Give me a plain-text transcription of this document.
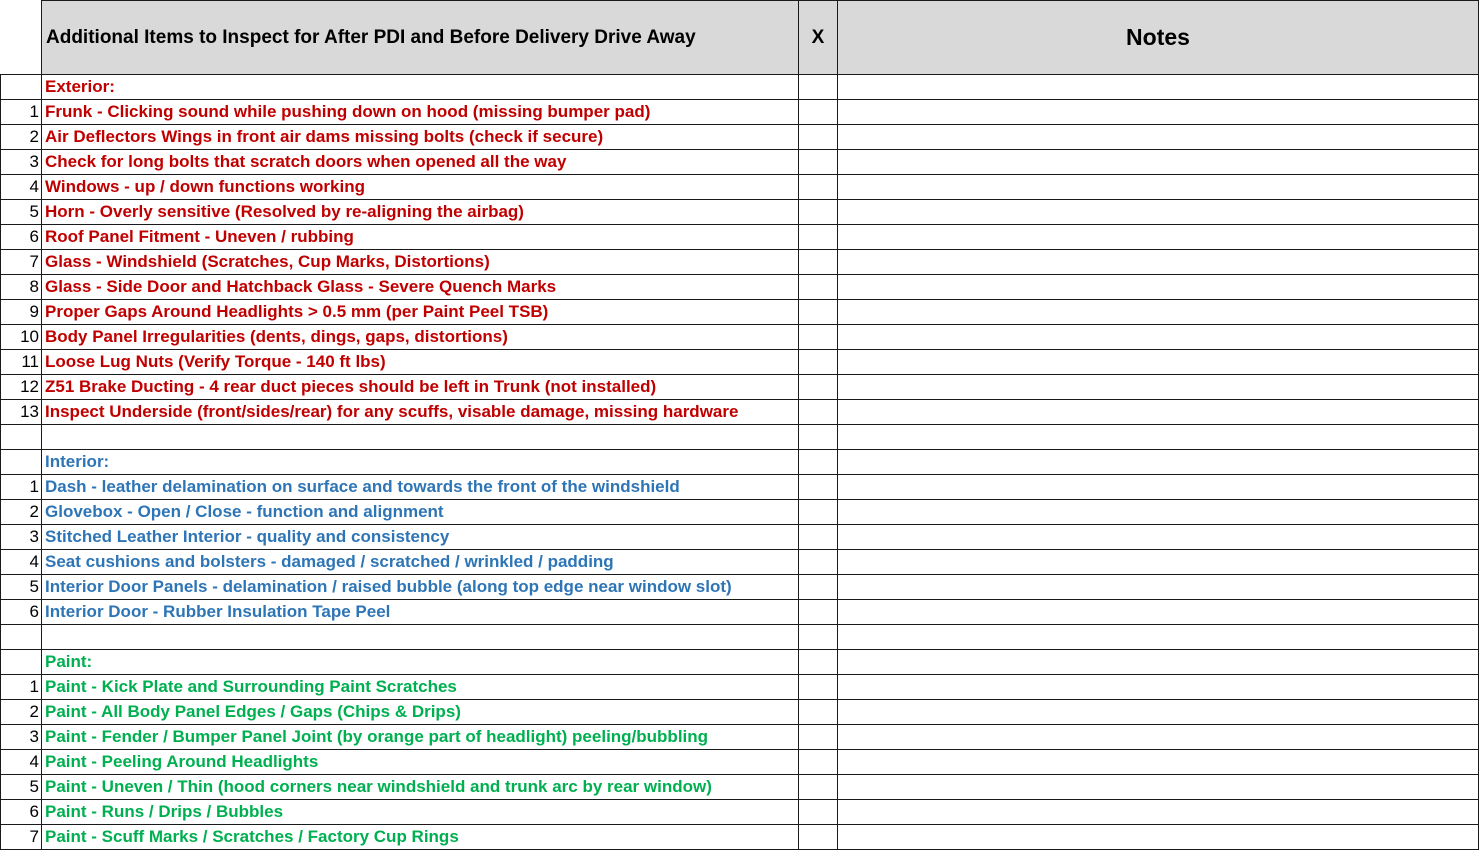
	Additional Items to Inspect for After PDI and Before Delivery Drive Away	X	Notes
	Exterior:		
1	Frunk - Clicking sound while pushing down on hood (missing bumper pad)		
2	Air Deflectors Wings in front air dams missing bolts (check if secure)		
3	Check for long bolts that scratch doors when opened all the way		
4	Windows - up / down functions working		
5	Horn - Overly sensitive (Resolved by re-aligning the airbag)		
6	Roof Panel Fitment - Uneven / rubbing		
7	Glass - Windshield (Scratches, Cup Marks, Distortions)		
8	Glass - Side Door and Hatchback Glass - Severe Quench Marks		
9	Proper Gaps Around Headlights > 0.5 mm (per Paint Peel TSB)		
10	Body Panel Irregularities (dents, dings, gaps, distortions)		
11	Loose Lug Nuts (Verify Torque - 140 ft lbs)		
12	Z51 Brake Ducting - 4 rear duct pieces should be left in Trunk (not installed)		
13	Inspect Underside (front/sides/rear) for any scuffs, visable damage, missing hardware		

	Interior:		
1	Dash - leather delamination on surface and towards the front of the windshield		
2	Glovebox - Open / Close - function and alignment		
3	Stitched Leather Interior - quality and consistency		
4	Seat cushions and bolsters - damaged / scratched / wrinkled / padding		
5	Interior Door Panels - delamination / raised bubble (along top edge near window slot)		
6	Interior Door - Rubber Insulation Tape Peel		

	Paint:		
1	Paint - Kick Plate and Surrounding Paint Scratches		
2	Paint - All Body Panel Edges / Gaps (Chips & Drips)		
3	Paint - Fender / Bumper Panel Joint (by orange part of headlight) peeling/bubbling		
4	Paint - Peeling Around Headlights		
5	Paint - Uneven / Thin (hood corners near windshield and trunk arc by rear window)		
6	Paint - Runs / Drips / Bubbles		
7	Paint - Scuff Marks / Scratches / Factory Cup Rings		
